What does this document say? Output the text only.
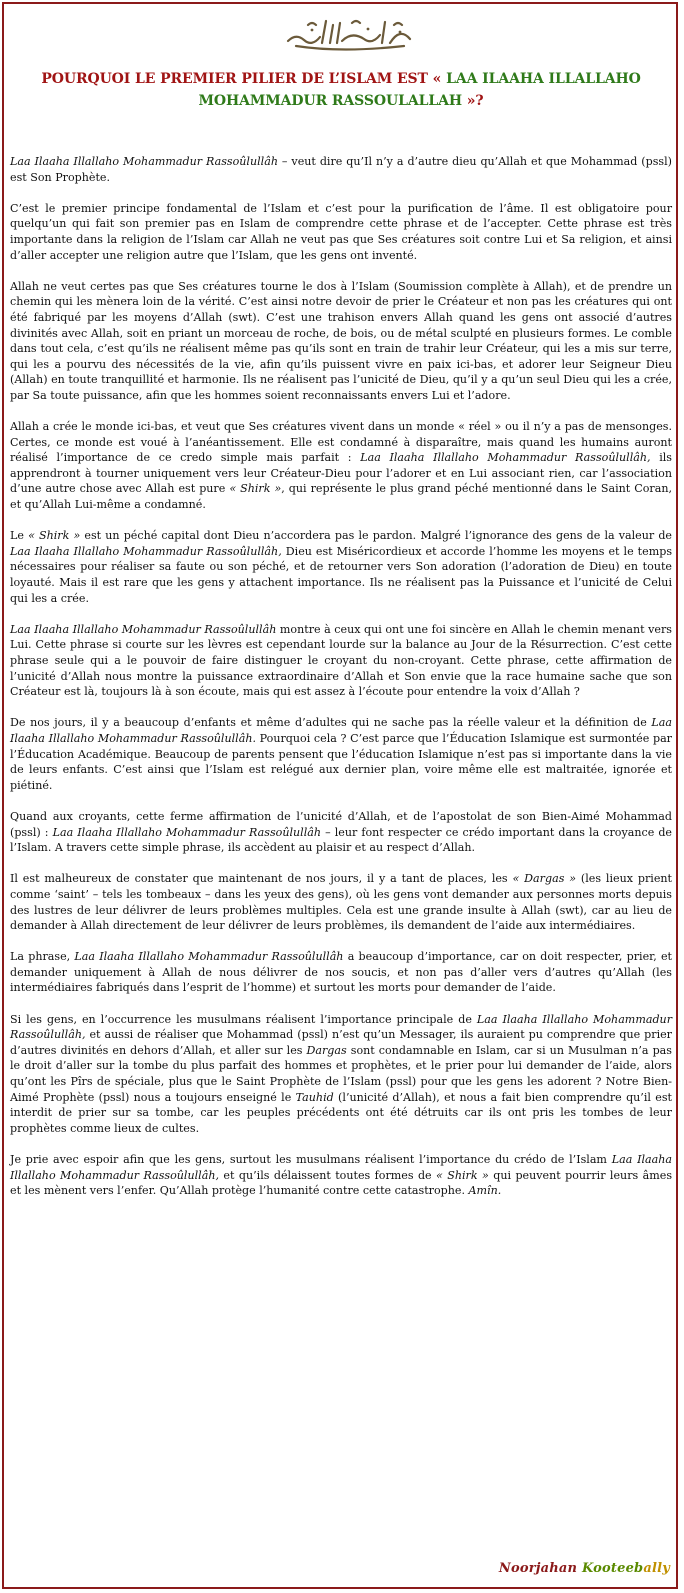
POURQUOI LE PREMIER PILIER DE L’ISLAM EST « LAA ILAAHA ILLALLAHO
MOHAMMADUR RASSOULALLAH »?

Laa Ilaaha Illallaho Mohammadur Rassoûlullâh – veut dire qu’Il n’y a d’autre dieu qu’Allah et que Mohammad (pssl) est Son Prophète.

C’est le premier principe fondamental de l’Islam et c’est pour la purification de l’âme. Il est obligatoire pour quelqu’un qui fait son premier pas en Islam de comprendre cette phrase et de l’accepter. Cette phrase est très importante dans la religion de l’Islam car Allah ne veut pas que Ses créatures soit contre Lui et Sa religion, et ainsi d’aller accepter une religion autre que l’Islam, que les gens ont inventé.

Allah ne veut certes pas que Ses créatures tourne le dos à l’Islam (Soumission complète à Allah), et de prendre un chemin qui les mènera loin de la vérité. C’est ainsi notre devoir de prier le Créateur et non pas les créatures qui ont été fabriqué par les moyens d’Allah (swt). C’est une trahison envers Allah quand les gens ont associé d’autres divinités avec Allah, soit en priant un morceau de roche, de bois, ou de métal sculpté en plusieurs formes. Le comble dans tout cela, c’est qu’ils ne réalisent même pas qu’ils sont en train de trahir leur Créateur, qui les a mis sur terre, qui les a pourvu des nécessités de la vie, afin qu’ils puissent vivre en paix ici-bas, et adorer leur Seigneur Dieu (Allah) en toute tranquillité et harmonie. Ils ne réalisent pas l’unicité de Dieu, qu’il y a qu’un seul Dieu qui les a crée, par Sa toute puissance, afin que les hommes soient reconnaissants envers Lui et l’adore.

Allah a crée le monde ici-bas, et veut que Ses créatures vivent dans un monde « réel » ou il n’y a pas de mensonges. Certes, ce monde est voué à l’anéantissement. Elle est condamné à disparaître, mais quand les humains auront réalisé l’importance de ce credo simple mais parfait : Laa Ilaaha Illallaho Mohammadur Rassoûlullâh, ils apprendront à tourner uniquement vers leur Créateur-Dieu pour l’adorer et en Lui associant rien, car l’association d’une autre chose avec Allah est pure « Shirk », qui représente le plus grand péché mentionné dans le Saint Coran, et qu’Allah Lui-même a condamné.

Le « Shirk » est un péché capital dont Dieu n’accordera pas le pardon. Malgré l’ignorance des gens de la valeur de Laa Ilaaha Illallaho Mohammadur Rassoûlullâh, Dieu est Miséricordieux et accorde l’homme les moyens et le temps nécessaires pour réaliser sa faute ou son péché, et de retourner vers Son adoration (l’adoration de Dieu) en toute loyauté. Mais il est rare que les gens y attachent importance. Ils ne réalisent pas la Puissance et l’unicité de Celui qui les a crée.

Laa Ilaaha Illallaho Mohammadur Rassoûlullâh montre à ceux qui ont une foi sincère en Allah le chemin menant vers Lui. Cette phrase si courte sur les lèvres est cependant lourde sur la balance au Jour de la Résurrection. C’est cette phrase seule qui a le pouvoir de faire distinguer le croyant du non-croyant. Cette phrase, cette affirmation de l’unicité d’Allah nous montre la puissance extraordinaire d’Allah et Son envie que la race humaine sache que son Créateur est là, toujours là à son écoute, mais qui est assez à l’écoute pour entendre la voix d’Allah ?

De nos jours, il y a beaucoup d’enfants et même d’adultes qui ne sache pas la réelle valeur et la définition de Laa Ilaaha Illallaho Mohammadur Rassoûlullâh. Pourquoi cela ? C’est parce que l’Éducation Islamique est surmontée par l’Éducation Académique. Beaucoup de parents pensent que l’éducation Islamique n’est pas si importante dans la vie de leurs enfants. C’est ainsi que l’Islam est relégué aux dernier plan, voire même elle est maltraitée, ignorée et piétiné.

Quand aux croyants, cette ferme affirmation de l’unicité d’Allah, et de l’apostolat de son Bien-Aimé Mohammad (pssl) : Laa Ilaaha Illallaho Mohammadur Rassoûlullâh – leur font respecter ce crédo important dans la croyance de l’Islam. A travers cette simple phrase, ils accèdent au plaisir et au respect d’Allah.

Il est malheureux de constater que maintenant de nos jours, il y a tant de places, les « Dargas » (les lieux prient comme ‘saint’ – tels les tombeaux – dans les yeux des gens), où les gens vont demander aux personnes morts depuis des lustres de leur délivrer de leurs problèmes multiples. Cela est une grande insulte à Allah (swt), car au lieu de demander à Allah directement de leur délivrer de leurs problèmes, ils demandent de l’aide aux intermédiaires.

La phrase, Laa Ilaaha Illallaho Mohammadur Rassoûlullâh a beaucoup d’importance, car on doit respecter, prier, et demander uniquement à Allah de nous délivrer de nos soucis, et non pas d’aller vers d’autres qu’Allah (les intermédiaires fabriqués dans l’esprit de l’homme) et surtout les morts pour demander de l’aide.

Si les gens, en l’occurrence les musulmans réalisent l’importance principale de Laa Ilaaha Illallaho Mohammadur Rassoûlullâh, et aussi de réaliser que Mohammad (pssl) n’est qu’un Messager, ils auraient pu comprendre que prier d’autres divinités en dehors d’Allah, et aller sur les Dargas sont condamnable en Islam, car si un Musulman n’a pas le droit d’aller sur la tombe du plus parfait des hommes et prophètes, et le prier pour lui demander de l’aide, alors qu’ont les Pîrs de spéciale, plus que le Saint Prophète de l’Islam (pssl) pour que les gens les adorent ? Notre Bien-Aimé Prophète (pssl) nous a toujours enseigné le Tauhid (l’unicité d’Allah), et nous a fait bien comprendre qu’il est interdit de prier sur sa tombe, car les peuples précédents ont été détruits car ils ont pris les tombes de leur prophètes comme lieux de cultes.

Je prie avec espoir afin que les gens, surtout les musulmans réalisent l’importance du crédo de l’Islam Laa Ilaaha Illallaho Mohammadur Rassoûlullâh, et qu’ils délaissent toutes formes de « Shirk » qui peuvent pourrir leurs âmes et les mènent vers l’enfer. Qu’Allah protège l’humanité contre cette catastrophe. Amîn.

Noorjahan Kooteebally
